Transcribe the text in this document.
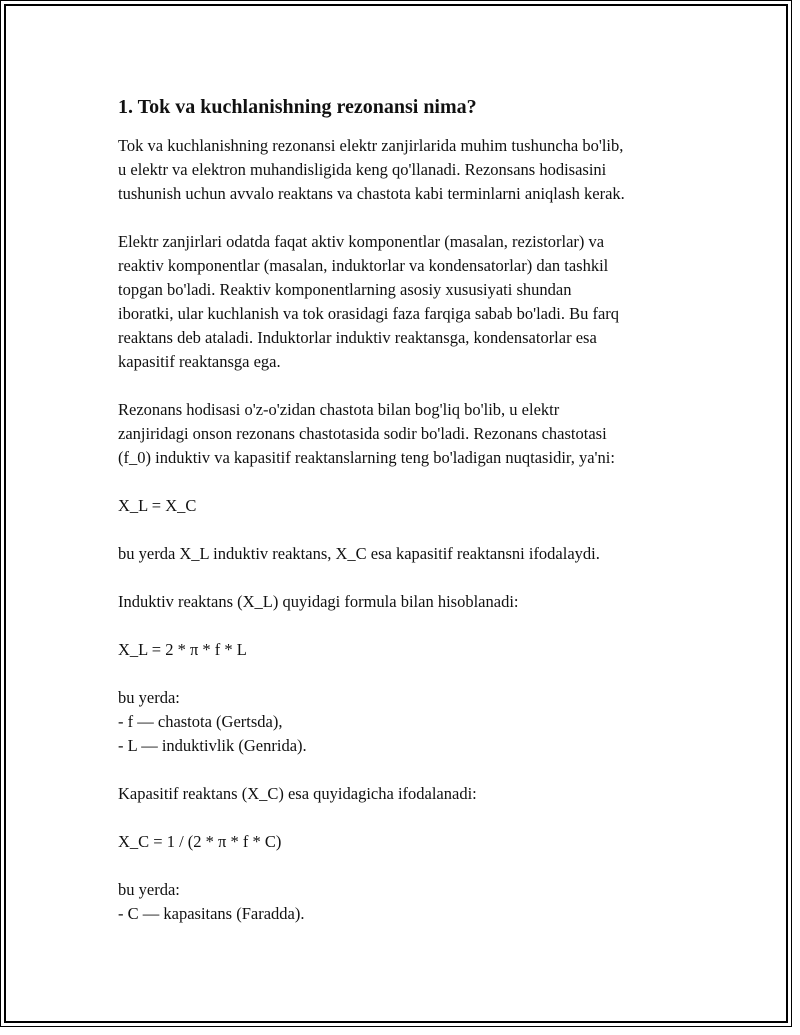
1. Tok va kuchlanishning rezonansi nima?
Tok va kuchlanishning rezonansi elektr zanjirlarida muhim tushuncha bo'lib,
u elektr va elektron muhandisligida keng qo'llanadi. Rezonsans hodisasini
tushunish uchun avvalo reaktans va chastota kabi terminlarni aniqlash kerak.
Elektr zanjirlari odatda faqat aktiv komponentlar (masalan, rezistorlar) va
reaktiv komponentlar (masalan, induktorlar va kondensatorlar) dan tashkil
topgan bo'ladi. Reaktiv komponentlarning asosiy xususiyati shundan
iboratki, ular kuchlanish va tok orasidagi faza farqiga sabab bo'ladi. Bu farq
reaktans deb ataladi. Induktorlar induktiv reaktansga, kondensatorlar esa
kapasitif reaktansga ega.
Rezonans hodisasi o'z-o'zidan chastota bilan bog'liq bo'lib, u elektr
zanjiridagi onson rezonans chastotasida sodir bo'ladi. Rezonans chastotasi
(f_0) induktiv va kapasitif reaktanslarning teng bo'ladigan nuqtasidir, ya'ni:
X_L = X_C
bu yerda X_L induktiv reaktans, X_C esa kapasitif reaktansni ifodalaydi.
Induktiv reaktans (X_L) quyidagi formula bilan hisoblanadi:
X_L = 2 * π * f * L
bu yerda:
- f — chastota (Gertsda),
- L — induktivlik (Genrida).
Kapasitif reaktans (X_C) esa quyidagicha ifodalanadi:
X_C = 1 / (2 * π * f * C)
bu yerda:
- C — kapasitans (Faradda).
